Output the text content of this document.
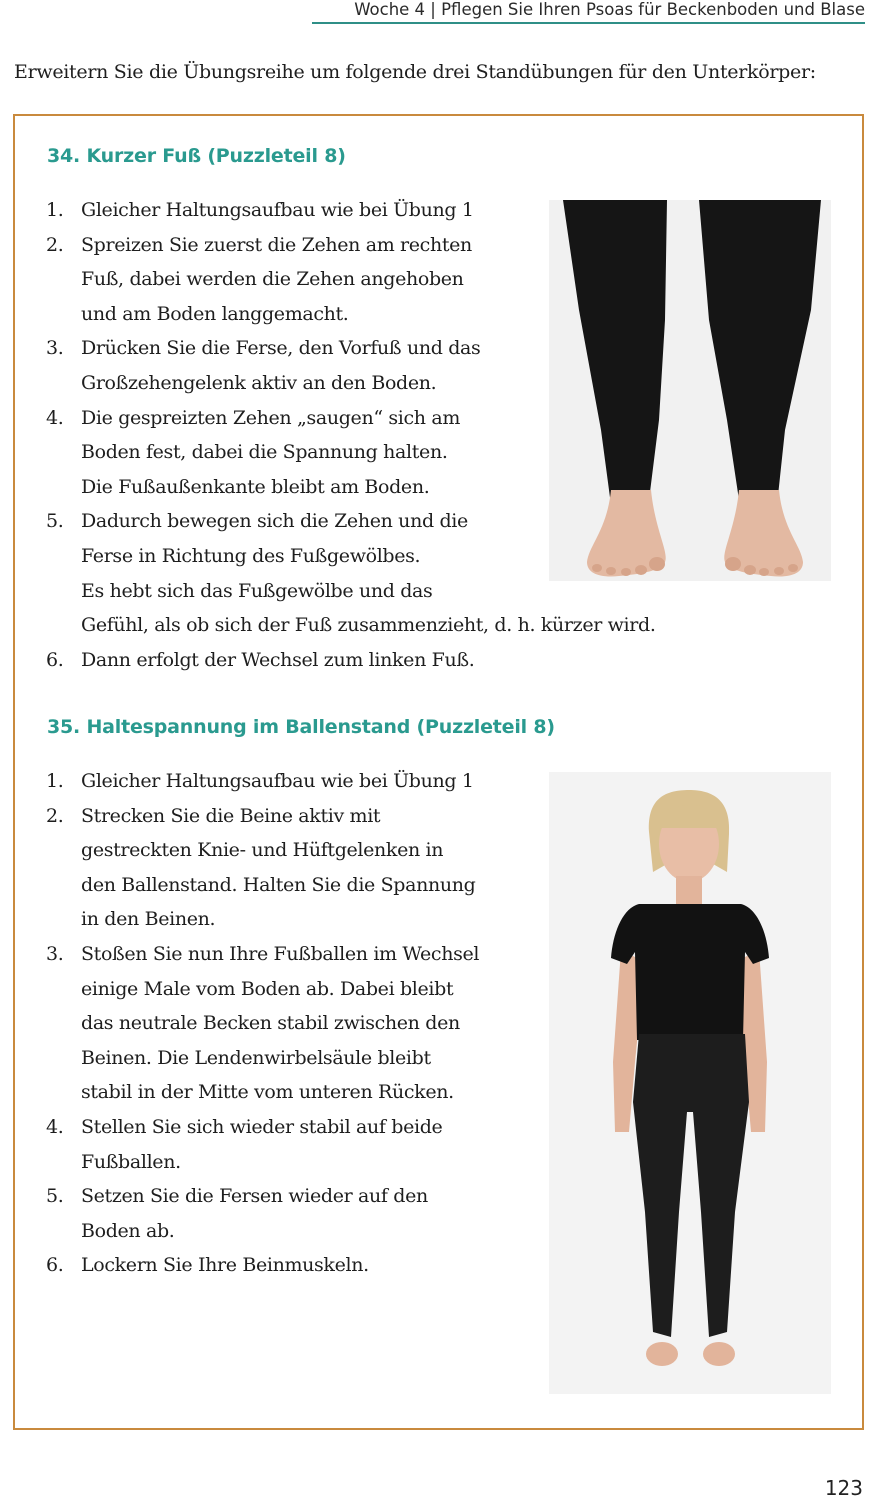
Woche 4 | Pflegen Sie Ihren Psoas für Beckenboden und Blase
Erweitern Sie die Übungsreihe um folgende drei Standübungen für den Unterkörper:
34. Kurzer Fuß (Puzzleteil 8)
1. Gleicher Haltungsaufbau wie bei Übung 1
2. Spreizen Sie zuerst die Zehen am rechten
Fuß, dabei werden die Zehen angehoben
und am Boden langgemacht.
3. Drücken Sie die Ferse, den Vorfuß und das
Großzehengelenk aktiv an den Boden.
4. Die gespreizten Zehen „saugen“ sich am
Boden fest, dabei die Spannung halten.
Die Fußaußenkante bleibt am Boden.
5. Dadurch bewegen sich die Zehen und die
Ferse in Richtung des Fußgewölbes.
Es hebt sich das Fußgewölbe und das
Gefühl, als ob sich der Fuß zusammenzieht, d. h. kürzer wird.
6. Dann erfolgt der Wechsel zum linken Fuß.
35. Haltespannung im Ballenstand (Puzzleteil 8)
1. Gleicher Haltungsaufbau wie bei Übung 1
2. Strecken Sie die Beine aktiv mit
gestreckten Knie- und Hüftgelenken in
den Ballenstand. Halten Sie die Spannung
in den Beinen.
3. Stoßen Sie nun Ihre Fußballen im Wechsel
einige Male vom Boden ab. Dabei bleibt
das neutrale Becken stabil zwischen den
Beinen. Die Lendenwirbelsäule bleibt
stabil in der Mitte vom unteren Rücken.
4. Stellen Sie sich wieder stabil auf beide
Fußballen.
5. Setzen Sie die Fersen wieder auf den
Boden ab.
6. Lockern Sie Ihre Beinmuskeln.
123
